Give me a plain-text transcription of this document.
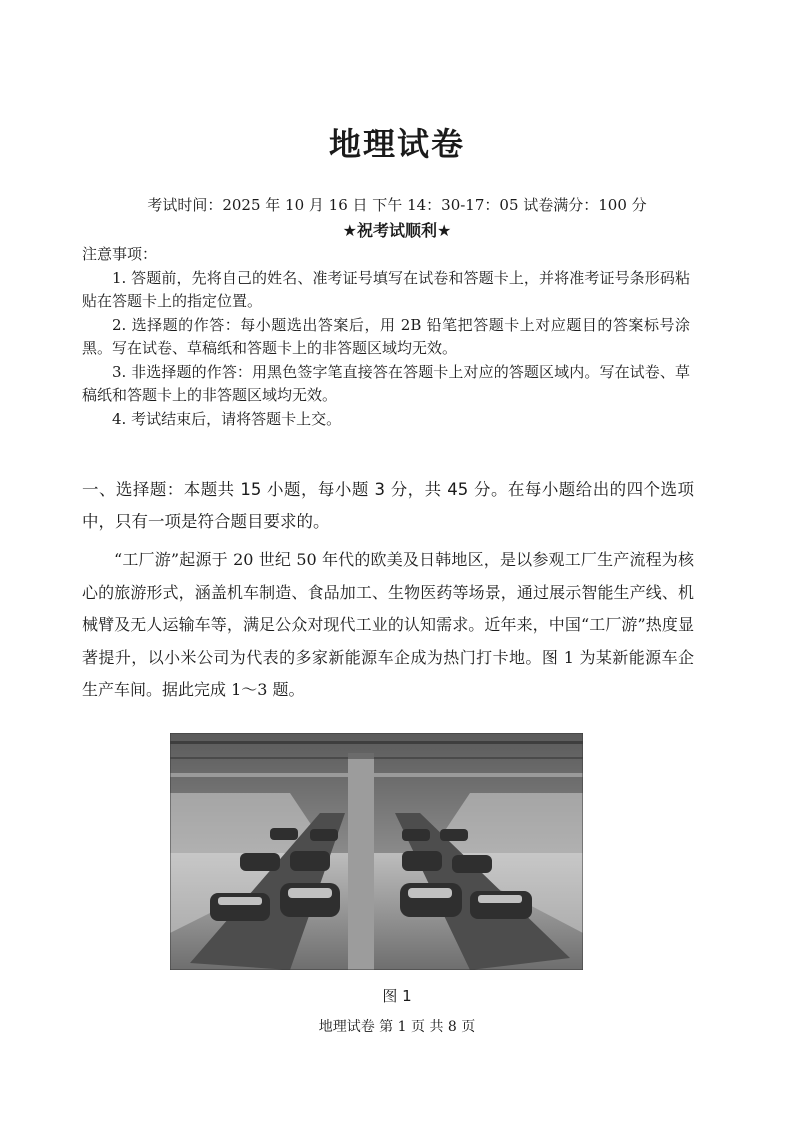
地理试卷
考试时间：2025 年 10 月 16 日 下午 14：30-17：05 试卷满分：100 分
★祝考试顺利★
注意事项：

1. 答题前，先将自己的姓名、准考证号填写在试卷和答题卡上，并将准考证号条形码粘贴在答题卡上的指定位置。

2. 选择题的作答：每小题选出答案后，用 2B 铅笔把答题卡上对应题目的答案标号涂黑。写在试卷、草稿纸和答题卡上的非答题区域均无效。

3. 非选择题的作答：用黑色签字笔直接答在答题卡上对应的答题区域内。写在试卷、草稿纸和答题卡上的非答题区域均无效。

4. 考试结束后，请将答题卡上交。

一、选择题：本题共 15 小题，每小题 3 分，共 45 分。在每小题给出的四个选项中，只有一项是符合题目要求的。

“工厂游”起源于 20 世纪 50 年代的欧美及日韩地区，是以参观工厂生产流程为核心的旅游形式，涵盖机车制造、食品加工、生物医药等场景，通过展示智能生产线、机械臂及无人运输车等，满足公众对现代工业的认知需求。近年来，中国“工厂游”热度显著提升，以小米公司为代表的多家新能源车企成为热门打卡地。图 1 为某新能源车企生产车间。据此完成 1～3 题。

图 1
地理试卷 第 1 页 共 8 页
